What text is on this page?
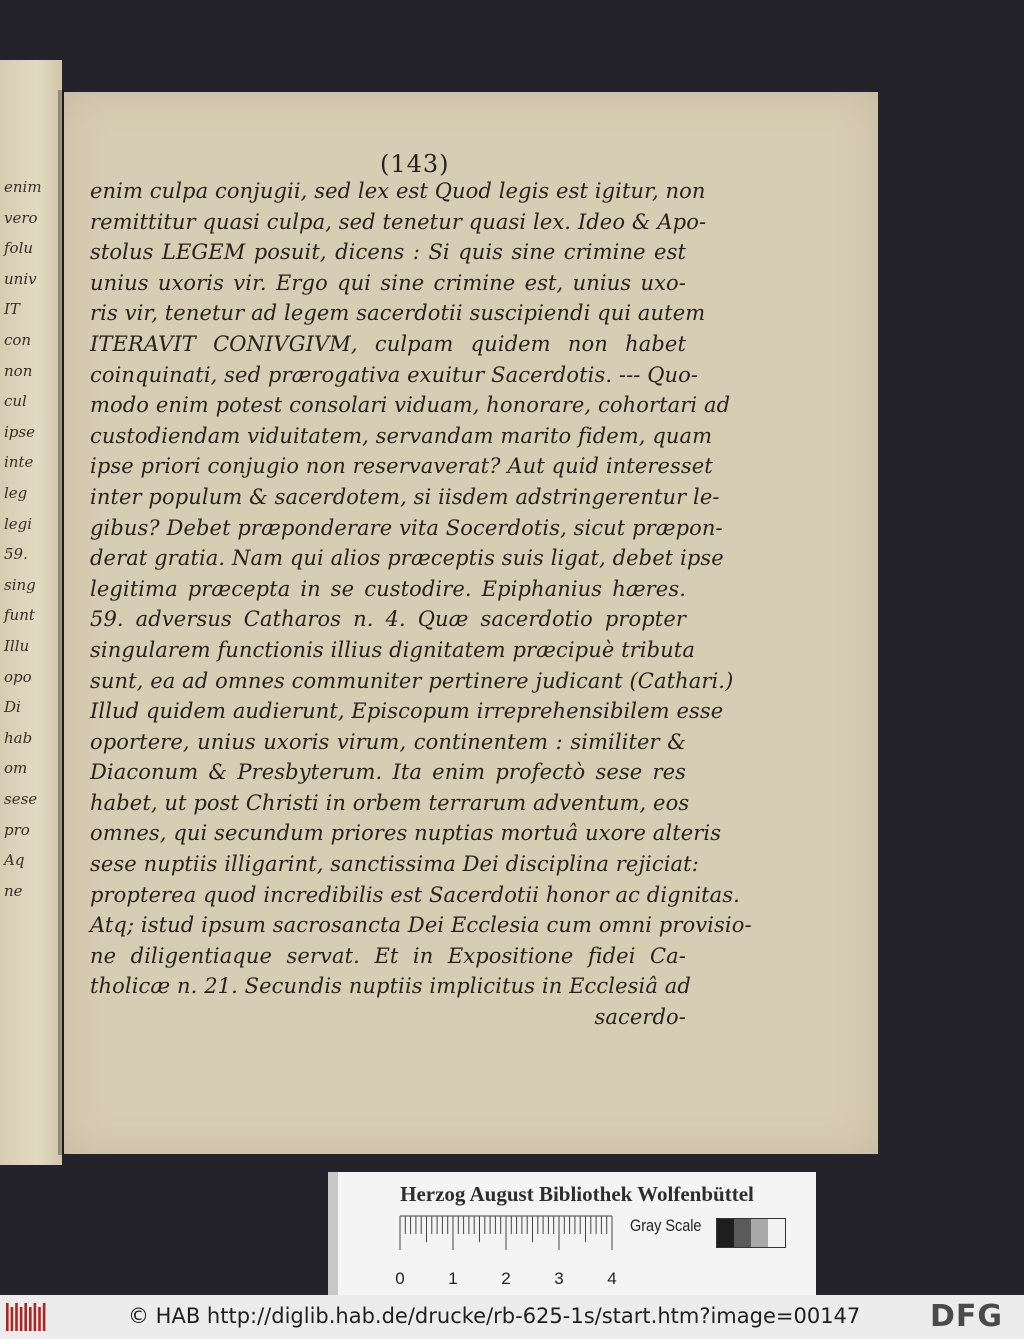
enim
vero
folu
univ
IT
con
non
cul
ipse
inte
leg
legi
59.
sing
funt
Illu
opo
Di
hab
om
sese
pro
Aq
ne
(143)
enim culpa conjugii, sed lex est Quod legis est igitur, non
remittitur quasi culpa, sed tenetur quasi lex. Ideo & Apo-
stolus LEGEM posuit, dicens : Si quis sine crimine est
unius uxoris vir. Ergo qui sine crimine est, unius uxo-
ris vir, tenetur ad legem sacerdotii suscipiendi qui autem
ITERAVIT CONIVGIVM, culpam quidem non habet
coinquinati, sed prærogativa exuitur Sacerdotis. --- Quo-
modo enim potest consolari viduam, honorare, cohortari ad
custodiendam viduitatem, servandam marito fidem, quam
ipse priori conjugio non reservaverat? Aut quid interesset
inter populum & sacerdotem, si iisdem adstringerentur le-
gibus? Debet præponderare vita Socerdotis, sicut præpon-
derat gratia. Nam qui alios præceptis suis ligat, debet ipse
legitima præcepta in se custodire. Epiphanius hæres.
59. adversus Catharos n. 4. Quæ sacerdotio propter
singularem functionis illius dignitatem præcipuè tributa
sunt, ea ad omnes communiter pertinere judicant (Cathari.)
Illud quidem audierunt, Episcopum irreprehensibilem esse
oportere, unius uxoris virum, continentem : similiter &
Diaconum & Presbyterum. Ita enim profectò sese res
habet, ut post Christi in orbem terrarum adventum, eos
omnes, qui secundum priores nuptias mortuâ uxore alteris
sese nuptiis illigarint, sanctissima Dei disciplina rejiciat:
propterea quod incredibilis est Sacerdotii honor ac dignitas.
Atq; istud ipsum sacrosancta Dei Ecclesia cum omni provisio-
ne diligentiaque servat. Et in Expositione fidei Ca-
tholicæ n. 21. Secundis nuptiis implicitus in Ecclesiâ ad
sacerdo-
Herzog August Bibliothek Wolfenbüttel
0	1	2	3	4
Gray Scale
© HAB http://diglib.hab.de/drucke/rb-625-1s/start.htm?image=00147 DFG
